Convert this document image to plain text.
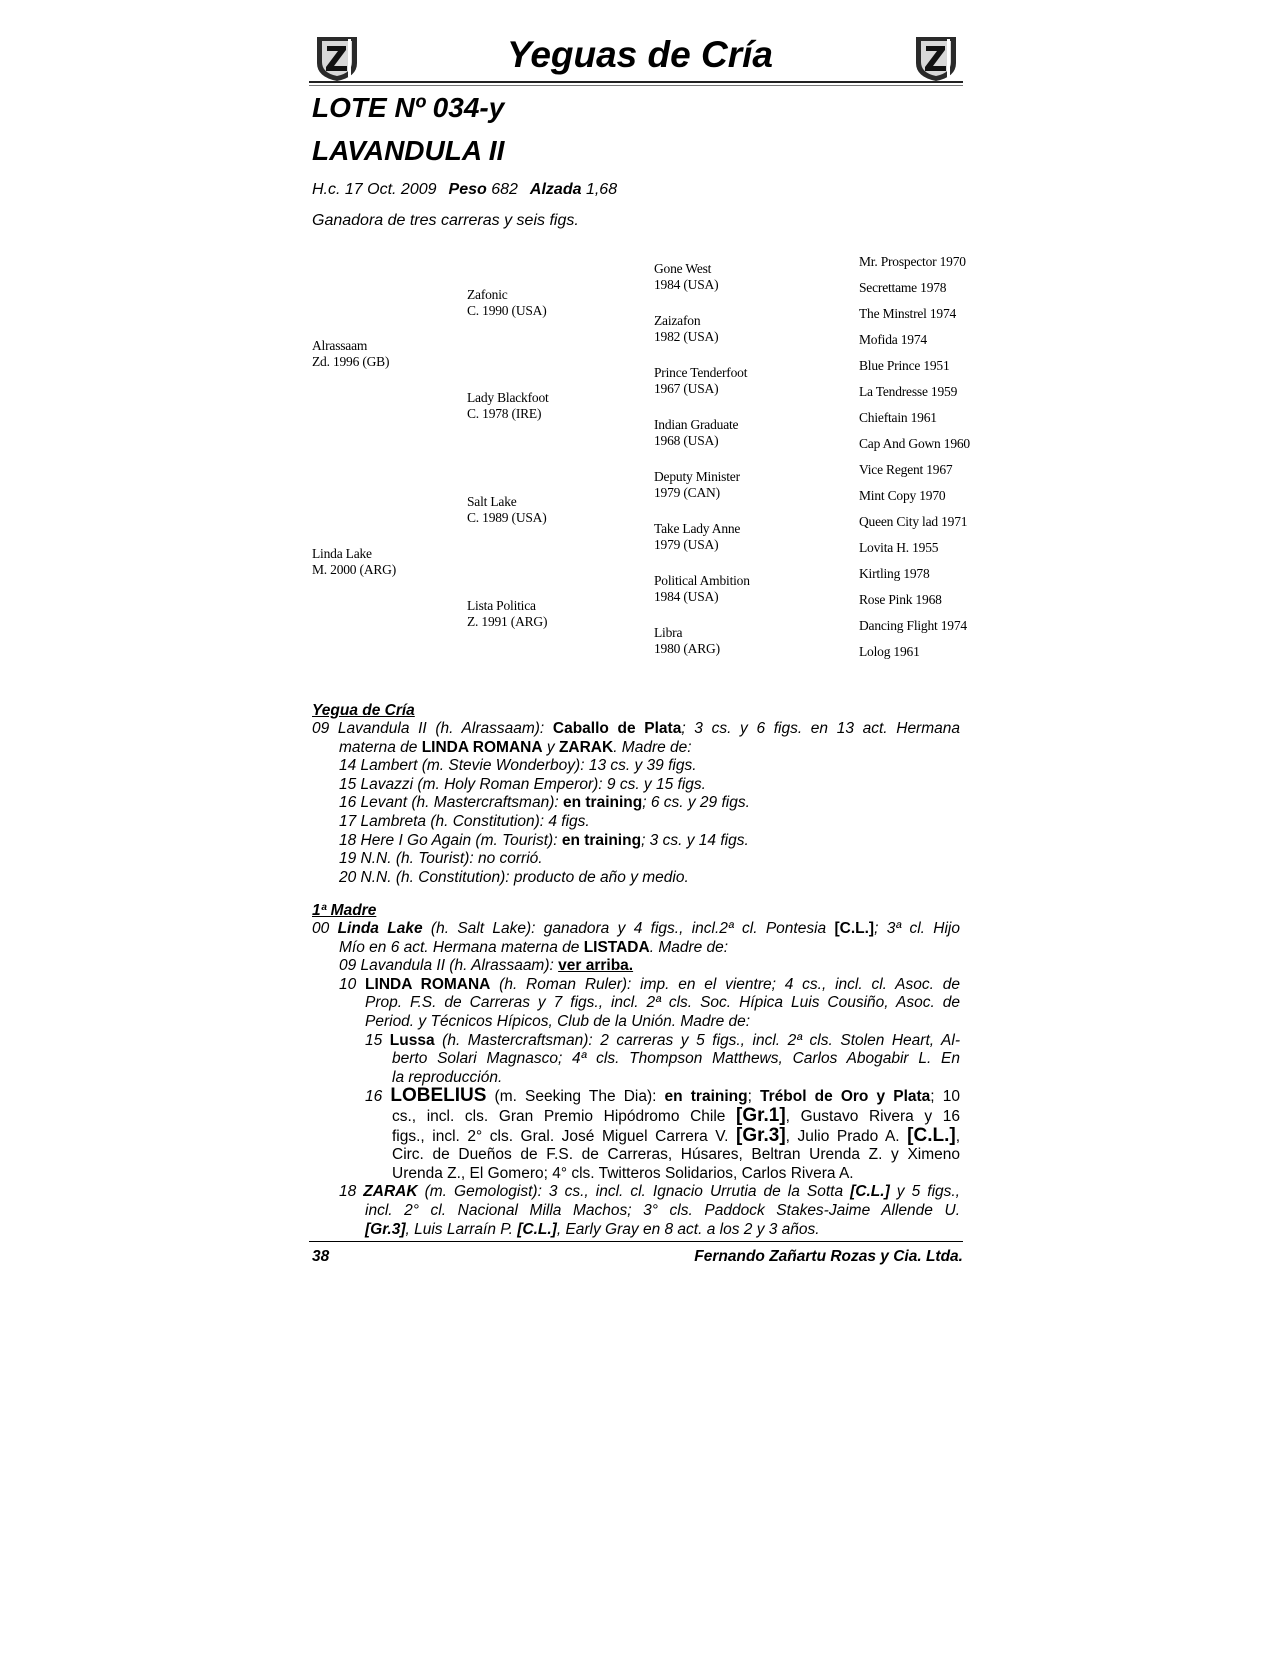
Yeguas de Cría
LOTE Nº 034-y
LAVANDULA II
H.c. 17 Oct. 2009 Peso 682 Alzada 1,68
Ganadora de tres carreras y seis figs.
Alrassaam
Zd. 1996 (GB)
Linda Lake
M. 2000 (ARG)
Zafonic
C. 1990 (USA)
Lady Blackfoot
C. 1978 (IRE)
Salt Lake
C. 1989 (USA)
Lista Politica
Z. 1991 (ARG)
Gone West
1984 (USA)
Zaizafon
1982 (USA)
Prince Tenderfoot
1967 (USA)
Indian Graduate
1968 (USA)
Deputy Minister
1979 (CAN)
Take Lady Anne
1979 (USA)
Political Ambition
1984 (USA)
Libra
1980 (ARG)
Mr. Prospector 1970
Secrettame 1978
The Minstrel 1974
Mofida 1974
Blue Prince 1951
La Tendresse 1959
Chieftain 1961
Cap And Gown 1960
Vice Regent 1967
Mint Copy 1970
Queen City lad 1971
Lovita H. 1955
Kirtling 1978
Rose Pink 1968
Dancing Flight 1974
Lolog 1961
Yegua de Cría
09 Lavandula II (h. Alrassaam): Caballo de Plata; 3 cs. y 6 figs. en 13 act. Hermana
materna de LINDA ROMANA y ZARAK. Madre de:
14 Lambert (m. Stevie Wonderboy): 13 cs. y 39 figs.
15 Lavazzi (m. Holy Roman Emperor): 9 cs. y 15 figs.
16 Levant (h. Mastercraftsman): en training; 6 cs. y 29 figs.
17 Lambreta (h. Constitution): 4 figs.
18 Here I Go Again (m. Tourist): en training; 3 cs. y 14 figs.
19 N.N. (h. Tourist): no corrió.
20 N.N. (h. Constitution): producto de año y medio.
1ª Madre
00 Linda Lake (h. Salt Lake): ganadora y 4 figs., incl.2ª cl. Pontesia [C.L.]; 3ª cl. Hijo
Mío en 6 act. Hermana materna de LISTADA. Madre de:
09 Lavandula II (h. Alrassaam): ver arriba.
10 LINDA ROMANA (h. Roman Ruler): imp. en el vientre; 4 cs., incl. cl. Asoc. de
Prop. F.S. de Carreras y 7 figs., incl. 2ª cls. Soc. Hípica Luis Cousiño, Asoc. de
Period. y Técnicos Hípicos, Club de la Unión. Madre de:
15 Lussa (h. Mastercraftsman): 2 carreras y 5 figs., incl. 2ª cls. Stolen Heart, Al-
berto Solari Magnasco; 4ª cls. Thompson Matthews, Carlos Abogabir L. En
la reproducción.
16 LOBELIUS (m. Seeking The Dia): en training; Trébol de Oro y Plata; 10
cs., incl. cls. Gran Premio Hipódromo Chile [Gr.1], Gustavo Rivera y 16
figs., incl. 2° cls. Gral. José Miguel Carrera V. [Gr.3], Julio Prado A. [C.L.],
Circ. de Dueños de F.S. de Carreras, Húsares, Beltran Urenda Z. y Ximeno
Urenda Z., El Gomero; 4° cls. Twitteros Solidarios, Carlos Rivera A.
18 ZARAK (m. Gemologist): 3 cs., incl. cl. Ignacio Urrutia de la Sotta [C.L.] y 5 figs.,
incl. 2° cl. Nacional Milla Machos; 3° cls. Paddock Stakes-Jaime Allende U.
[Gr.3], Luis Larraín P. [C.L.], Early Gray en 8 act. a los 2 y 3 años.
38	Fernando Zañartu Rozas y Cia. Ltda.
